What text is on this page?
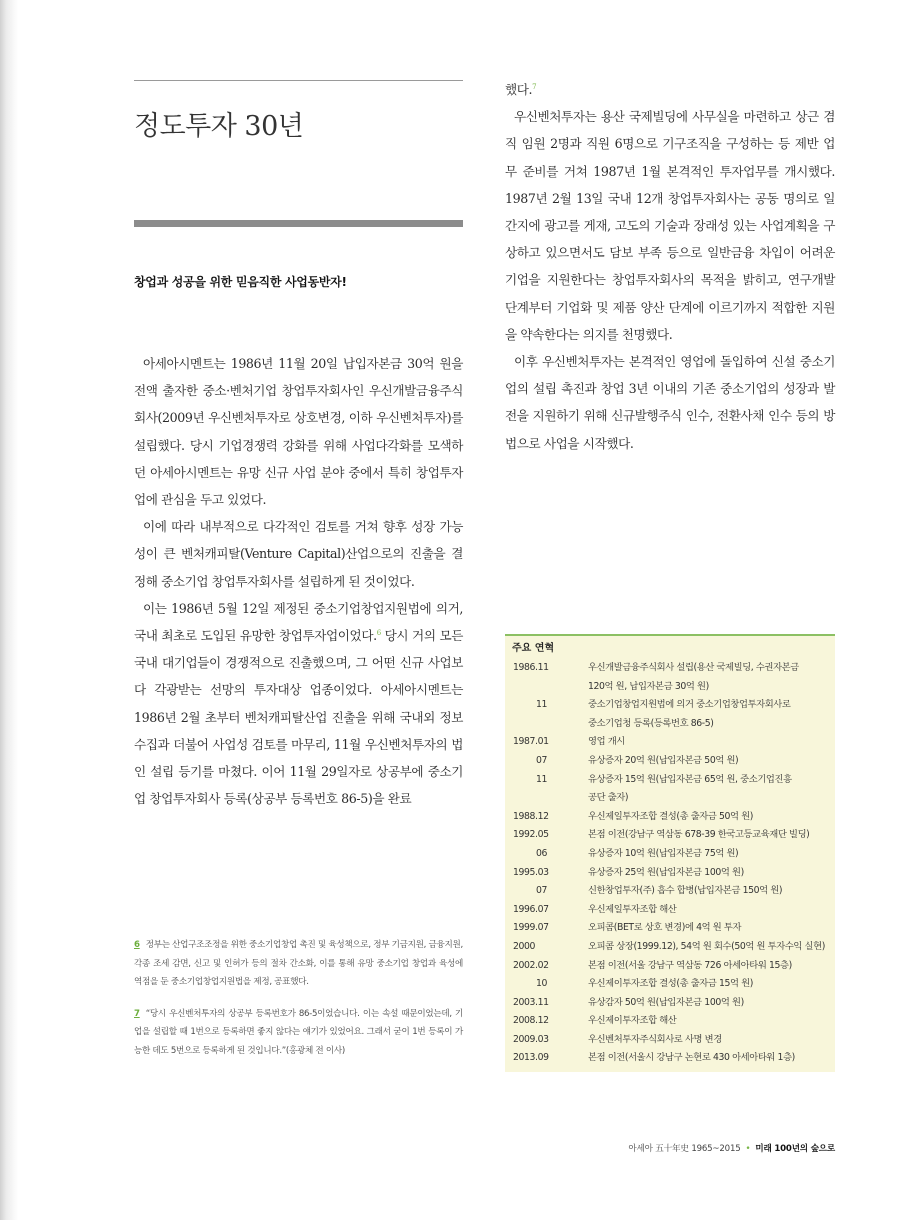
정도투자 30년
창업과 성공을 위한 믿음직한 사업동반자!

아세아시멘트는 1986년 11월 20일 납입자본금 30억 원을 전액 출자한 중소·벤처기업 창업투자회사인 우신개발금융주식회사(2009년 우신벤처투자로 상호변경, 이하 우신벤처투자)를 설립했다. 당시 기업경쟁력 강화를 위해 사업다각화를 모색하던 아세아시멘트는 유망 신규 사업 분야 중에서 특히 창업투자업에 관심을 두고 있었다.

이에 따라 내부적으로 다각적인 검토를 거쳐 향후 성장 가능성이 큰 벤처캐피탈(Venture Capital)산업으로의 진출을 결정해 중소기업 창업투자회사를 설립하게 된 것이었다.

이는 1986년 5월 12일 제정된 중소기업창업지원법에 의거, 국내 최초로 도입된 유망한 창업투자업이었다.$^6$ 당시 거의 모든 국내 대기업들이 경쟁적으로 진출했으며, 그 어떤 신규 사업보다 각광받는 선망의 투자대상 업종이었다. 아세아시멘트는 1986년 2월 초부터 벤처캐피탈산업 진출을 위해 국내외 정보 수집과 더불어 사업성 검토를 마무리, 11월 우신벤처투자의 법인 설립 등기를 마쳤다. 이어 11월 29일자로 상공부에 중소기업 창업투자회사 등록(상공부 등록번호 86-5)을 완료

했다.$^7$

우신벤처투자는 용산 국제빌딩에 사무실을 마련하고 상근 겸직 임원 2명과 직원 6명으로 기구조직을 구성하는 등 제반 업무 준비를 거쳐 1987년 1월 본격적인 투자업무를 개시했다. 1987년 2월 13일 국내 12개 창업투자회사는 공동 명의로 일간지에 광고를 게재, 고도의 기술과 장래성 있는 사업계획을 구상하고 있으면서도 담보 부족 등으로 일반금융 차입이 어려운 기업을 지원한다는 창업투자회사의 목적을 밝히고, 연구개발 단계부터 기업화 및 제품 양산 단계에 이르기까지 적합한 지원을 약속한다는 의지를 천명했다.

이후 우신벤처투자는 본격적인 영업에 돌입하여 신설 중소기업의 설립 촉진과 창업 3년 이내의 기존 중소기업의 성장과 발전을 지원하기 위해 신규발행주식 인수, 전환사채 인수 등의 방법으로 사업을 시작했다.

주요 연혁
1986.11	우신개발금융주식회사 설립(용산 국제빌딩, 수권자본금
120억 원, 납입자본금 30억 원)
11	중소기업창업지원법에 의거 중소기업창업투자회사로
중소기업청 등록(등록번호 86-5)
1987.01	영업 개시
07	유상증자 20억 원(납입자본금 50억 원)
11	유상증자 15억 원(납입자본금 65억 원, 중소기업진흥
공단 출자)
1988.12	우신제일투자조합 결성(총 출자금 50억 원)
1992.05	본점 이전(강남구 역삼동 678-39 한국고등교육재단 빌딩)
06	유상증자 10억 원(납입자본금 75억 원)
1995.03	유상증자 25억 원(납입자본금 100억 원)
07	신한창업투자(주) 흡수 합병(납입자본금 150억 원)
1996.07	우신제일투자조합 해산
1999.07	오피콤(BET로 상호 변경)에 4억 원 투자
2000	오피콤 상장(1999.12), 54억 원 회수(50억 원 투자수익 실현)
2002.02	본점 이전(서울 강남구 역삼동 726 아세아타워 15층)
10	우신제이투자조합 결성(총 출자금 15억 원)
2003.11	유상감자 50억 원(납입자본금 100억 원)
2008.12	우신제이투자조합 해산
2009.03	우신벤처투자주식회사로 사명 변경
2013.09	본점 이전(서울시 강남구 논현로 430 아세아타워 1층)

6 정부는 산업구조조정을 위한 중소기업창업 촉진 및 육성책으로, 정부 기금지원, 금융지원, 각종 조세 감면, 신고 및 인허가 등의 절차 간소화, 이를 통해 유망 중소기업 창업과 육성에 역점을 둔 중소기업창업지원법을 제정, 공표했다.

7 “당시 우신벤처투자의 상공부 등록번호가 86-5이었습니다. 이는 속설 때문이었는데, 기업을 설립할 때 1번으로 등록하면 좋지 않다는 얘기가 있었어요. 그래서 굳이 1번 등록이 가능한 데도 5번으로 등록하게 된 것입니다.”(홍광체 전 이사)

아세아 五十年史 1965~2015 • 미래 100년의 숲으로
